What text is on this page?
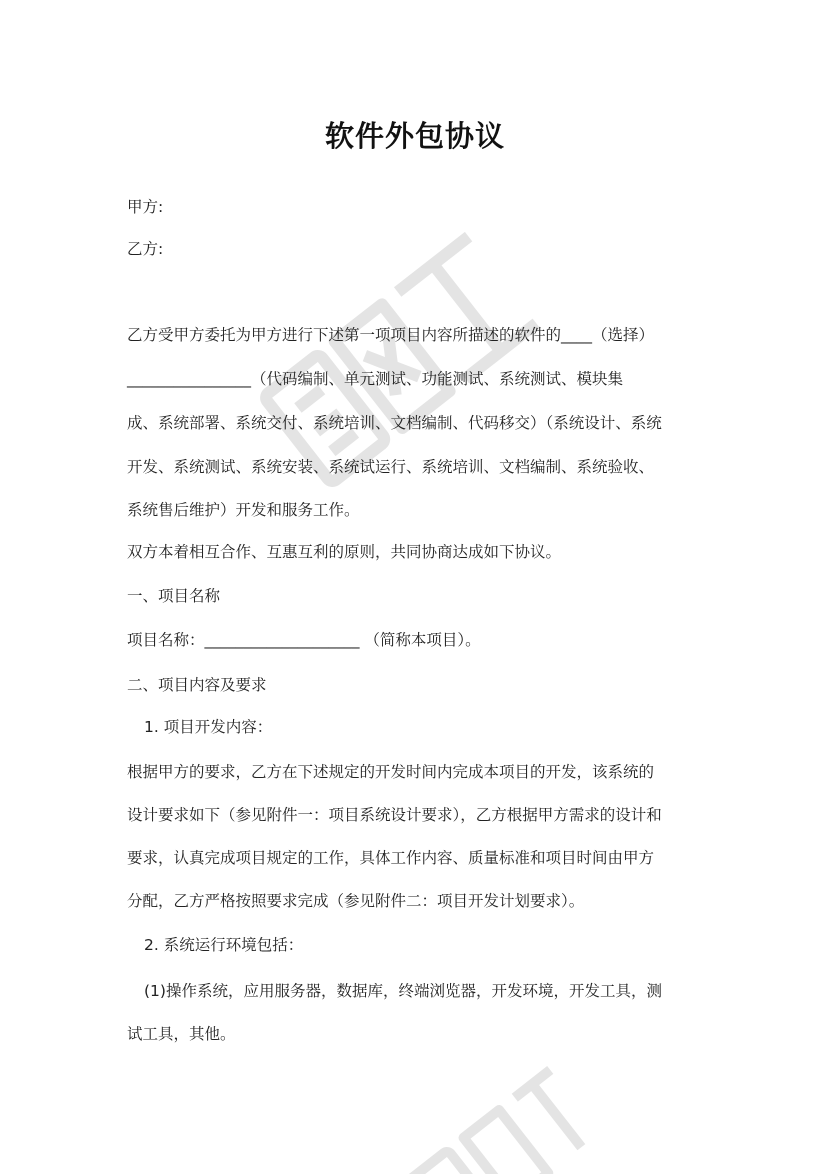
软件外包协议
甲方:
乙方:
乙方受甲方委托为甲方进行下述第一项项目内容所描述的软件的____（选择）
________________（代码编制、单元测试、功能测试、系统测试、模块集
成、系统部署、系统交付、系统培训、文档编制、代码移交）（系统设计、系统
开发、系统测试、系统安装、系统试运行、系统培训、文档编制、系统验收、
系统售后维护）开发和服务工作。
双方本着相互合作、互惠互利的原则，共同协商达成如下协议。
一、项目名称
项目名称：____________________ （简称本项目）。
二、项目内容及要求
1. 项目开发内容：
根据甲方的要求，乙方在下述规定的开发时间内完成本项目的开发，该系统的
设计要求如下（参见附件一：项目系统设计要求），乙方根据甲方需求的设计和
要求，认真完成项目规定的工作，具体工作内容、质量标准和项目时间由甲方
分配，乙方严格按照要求完成（参见附件二：项目开发计划要求）。
2. 系统运行环境包括：
(1)操作系统，应用服务器，数据库，终端浏览器，开发环境，开发工具，测
试工具，其他。
